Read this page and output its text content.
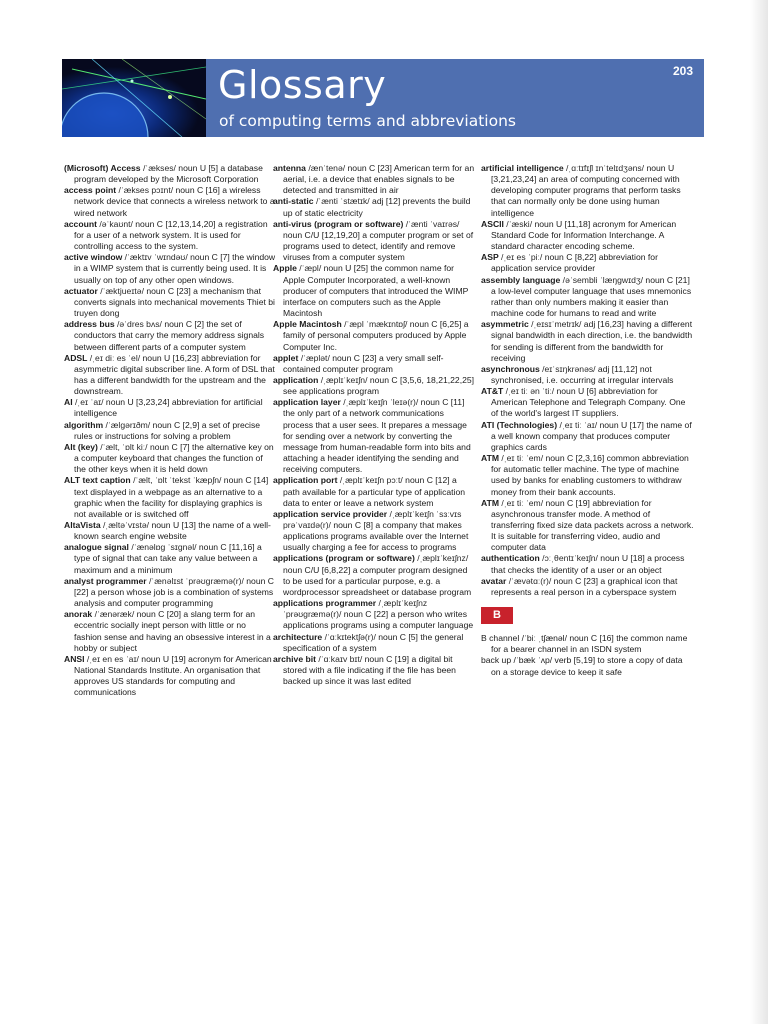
Glossary
of computing terms and abbreviations
203

(Microsoft) Access /ˈækses/ noun U [5] a database program developed by the Microsoft Corporation

access point /ˈækses pɔɪnt/ noun C [16] a wireless network device that connects a wireless network to a wired network

account /əˈkaʊnt/ noun C [12,13,14,20] a registration for a user of a network system. It is used for controlling access to the system.

active window /ˈæktɪv ˈwɪndəʊ/ noun C [7] the window in a WIMP system that is currently being used. It is usually on top of any other open windows.

actuator /ˈæktjueɪtə/ noun C [23] a mechanism that converts signals into mechanical movements Thiet bi truyen dong

address bus /əˈdres bʌs/ noun C [2] the set of conductors that carry the memory address signals between different parts of a computer system

ADSL /ˌeɪ diː es ˈel/ noun U [16,23] abbreviation for asymmetric digital subscriber line. A form of DSL that has a different bandwidth for the upstream and the downstream.

AI /ˌeɪ ˈaɪ/ noun U [3,23,24] abbreviation for artificial intelligence

algorithm /ˈælɡərɪðm/ noun C [2,9] a set of precise rules or instructions for solving a problem

Alt (key) /ˈælt, ˈɒlt kiː/ noun C [7] the alternative key on a computer keyboard that changes the function of the other keys when it is held down

ALT text caption /ˈælt, ˈɒlt ˈtekst ˈkæpʃn/ noun C [14] text displayed in a webpage as an alternative to a graphic when the facility for displaying graphics is not available or is switched off

AltaVista /ˌæltəˈvɪstə/ noun U [13] the name of a well-known search engine website

analogue signal /ˈænəlɒɡ ˈsɪɡnəl/ noun C [11,16] a type of signal that can take any value between a maximum and a minimum

analyst programmer /ˈænəlɪst ˈprəʊɡræmə(r)/ noun C [22] a person whose job is a combination of systems analysis and computer programming

anorak /ˈænəræk/ noun C [20] a slang term for an eccentric socially inept person with little or no fashion sense and having an obsessive interest in a hobby or subject

ANSI /ˌeɪ en es ˈaɪ/ noun U [19] acronym for American National Standards Institute. An organisation that approves US standards for computing and communications

antenna /ænˈtenə/ noun C [23] American term for an aerial, i.e. a device that enables signals to be detected and transmitted in air

anti-static /ˈænti ˈstætɪk/ adj [12] prevents the build up of static electricity

anti-virus (program or software) /ˈænti ˈvaɪrəs/ noun C/U [12,19,20] a computer program or set of programs used to detect, identify and remove viruses from a computer system

Apple /ˈæpl/ noun U [25] the common name for Apple Computer Incorporated, a well-known producer of computers that introduced the WIMP interface on computers such as the Apple Macintosh

Apple Macintosh /ˈæpl ˈmækɪntɒʃ/ noun C [6,25] a family of personal computers produced by Apple Computer Inc.

applet /ˈæplət/ noun C [23] a very small self-contained computer program

application /ˌæplɪˈkeɪʃn/ noun C [3,5,6, 18,21,22,25] see applications program

application layer /ˌæplɪˈkeɪʃn ˈleɪə(r)/ noun C [11] the only part of a network communications process that a user sees. It prepares a message for sending over a network by converting the message from human-readable form into bits and attaching a header identifying the sending and receiving computers.

application port /ˌæplɪˈkeɪʃn pɔːt/ noun C [12] a path available for a particular type of application data to enter or leave a network system

application service provider /ˌæplɪˈkeɪʃn ˈsɜːvɪs prəˈvaɪdə(r)/ noun C [8] a company that makes applications programs available over the Internet usually charging a fee for access to programs

applications (program or software) /ˌæplɪˈkeɪʃnz/ noun C/U [6,8,22] a computer program designed to be used for a particular purpose, e.g. a wordprocessor spreadsheet or database program

applications programmer /ˌæplɪˈkeɪʃnz ˈprəʊɡræmə(r)/ noun C [22] a person who writes applications programs using a computer language

architecture /ˈɑːkɪtektʃə(r)/ noun C [5] the general specification of a system

archive bit /ˈɑːkaɪv bɪt/ noun C [19] a digital bit stored with a file indicating if the file has been backed up since it was last edited

artificial intelligence /ˌɑːtɪfɪʃl ɪnˈtelɪdʒəns/ noun U [3,21,23,24] an area of computing concerned with developing computer programs that perform tasks that can normally only be done using human intelligence

ASCII /ˈæski/ noun U [11,18] acronym for American Standard Code for Information Interchange. A standard character encoding scheme.

ASP /ˌeɪ es ˈpiː/ noun C [8,22] abbreviation for application service provider

assembly language /əˈsembli ˈlæŋɡwɪdʒ/ noun C [21] a low-level computer language that uses mnemonics rather than only numbers making it easier than machine code for humans to read and write

asymmetric /ˌeɪsɪˈmetrɪk/ adj [16,23] having a different signal bandwidth in each direction, i.e. the bandwidth for sending is different from the bandwidth for receiving

asynchronous /eɪˈsɪŋkrənəs/ adj [11,12] not synchronised, i.e. occurring at irregular intervals

AT&T /ˌeɪ tiː ən ˈtiː/ noun U [6] abbreviation for American Telephone and Telegraph Company. One of the world's largest IT suppliers.

ATI (Technologies) /ˌeɪ tiː ˈaɪ/ noun U [17] the name of a well known company that produces computer graphics cards

ATM /ˌeɪ tiː ˈem/ noun C [2,3,16] common abbreviation for automatic teller machine. The type of machine used by banks for enabling customers to withdraw money from their bank accounts.

ATM /ˌeɪ tiː ˈem/ noun C [19] abbreviation for asynchronous transfer mode. A method of transferring fixed size data packets across a network. It is suitable for transferring video, audio and computer data

authentication /ɔːˌθentɪˈkeɪʃn/ noun U [18] a process that checks the identity of a user or an object

avatar /ˈævətɑː(r)/ noun C [23] a graphical icon that represents a real person in a cyberspace system

B

B channel /ˈbiː ˌtʃænəl/ noun C [16] the common name for a bearer channel in an ISDN system

back up /ˈbæk ˈʌp/ verb [5,19] to store a copy of data on a storage device to keep it safe
